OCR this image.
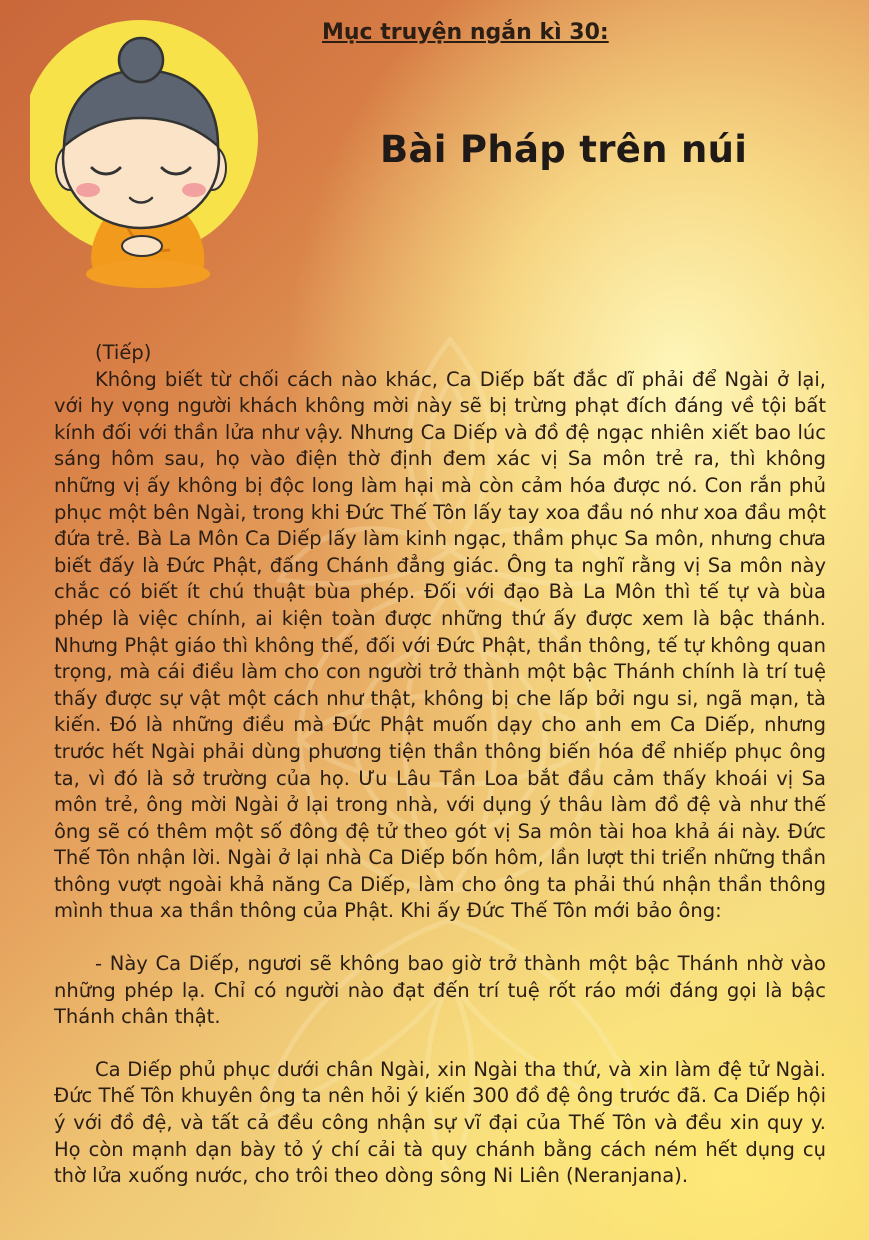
Mục truyện ngắn kì 30:
Bài Pháp trên núi

(Tiếp)

Không biết từ chối cách nào khác, Ca Diếp bất đắc dĩ phải để Ngài ở lại, với hy vọng người khách không mời này sẽ bị trừng phạt đích đáng về tội bất kính đối với thần lửa như vậy. Nhưng Ca Diếp và đồ đệ ngạc nhiên xiết bao lúc sáng hôm sau, họ vào điện thờ định đem xác vị Sa môn trẻ ra, thì không những vị ấy không bị độc long làm hại mà còn cảm hóa được nó. Con rắn phủ phục một bên Ngài, trong khi Đức Thế Tôn lấy tay xoa đầu nó như xoa đầu một đứa trẻ. Bà La Môn Ca Diếp lấy làm kinh ngạc, thầm phục Sa môn, nhưng chưa biết đấy là Đức Phật, đấng Chánh đẳng giác. Ông ta nghĩ rằng vị Sa môn này chắc có biết ít chú thuật bùa phép. Đối với đạo Bà La Môn thì tế tự và bùa phép là việc chính, ai kiện toàn được những thứ ấy được xem là bậc thánh. Nhưng Phật giáo thì không thế, đối với Đức Phật, thần thông, tế tự không quan trọng, mà cái điều làm cho con người trở thành một bậc Thánh chính là trí tuệ thấy được sự vật một cách như thật, không bị che lấp bởi ngu si, ngã mạn, tà kiến. Đó là những điều mà Đức Phật muốn dạy cho anh em Ca Diếp, nhưng trước hết Ngài phải dùng phương tiện thần thông biến hóa để nhiếp phục ông ta, vì đó là sở trường của họ. Ưu Lâu Tần Loa bắt đầu cảm thấy khoái vị Sa môn trẻ, ông mời Ngài ở lại trong nhà, với dụng ý thâu làm đồ đệ và như thế ông sẽ có thêm một số đông đệ tử theo gót vị Sa môn tài hoa khả ái này. Đức Thế Tôn nhận lời. Ngài ở lại nhà Ca Diếp bốn hôm, lần lượt thi triển những thần thông vượt ngoài khả năng Ca Diếp, làm cho ông ta phải thú nhận thần thông mình thua xa thần thông của Phật. Khi ấy Đức Thế Tôn mới bảo ông:

- Này Ca Diếp, ngươi sẽ không bao giờ trở thành một bậc Thánh nhờ vào những phép lạ. Chỉ có người nào đạt đến trí tuệ rốt ráo mới đáng gọi là bậc Thánh chân thật.

Ca Diếp phủ phục dưới chân Ngài, xin Ngài tha thứ, và xin làm đệ tử Ngài. Đức Thế Tôn khuyên ông ta nên hỏi ý kiến 300 đồ đệ ông trước đã. Ca Diếp hội ý với đồ đệ, và tất cả đều công nhận sự vĩ đại của Thế Tôn và đều xin quy y. Họ còn mạnh dạn bày tỏ ý chí cải tà quy chánh bằng cách ném hết dụng cụ thờ lửa xuống nước, cho trôi theo dòng sông Ni Liên (Neranjana).
